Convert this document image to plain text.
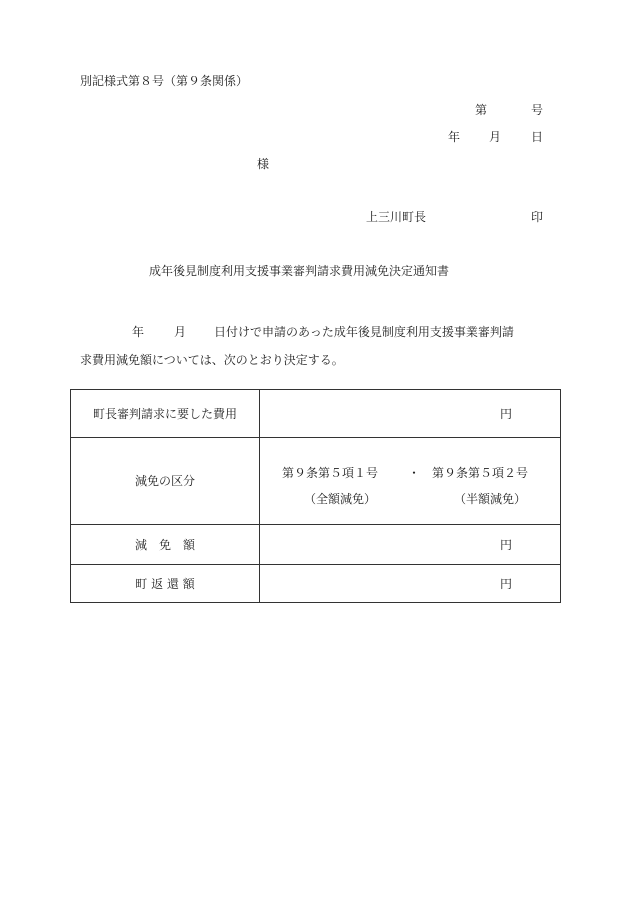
別記様式第８号（第９条関係）
第	号
年 月 日
様
上三川町長	印
成年後見制度利用支援事業審判請求費用減免決定通知書
年 月 日付けで申請のあった成年後見制度利用支援事業審判請
求費用減免額については、次のとおり決定する。
町長審判請求に要した費用	円
減免の区分	第９条第５項１号 ・ 第９条第５項２号
（全額減免） （半額減免）

減　免　額	円
町 返 還 額	円
